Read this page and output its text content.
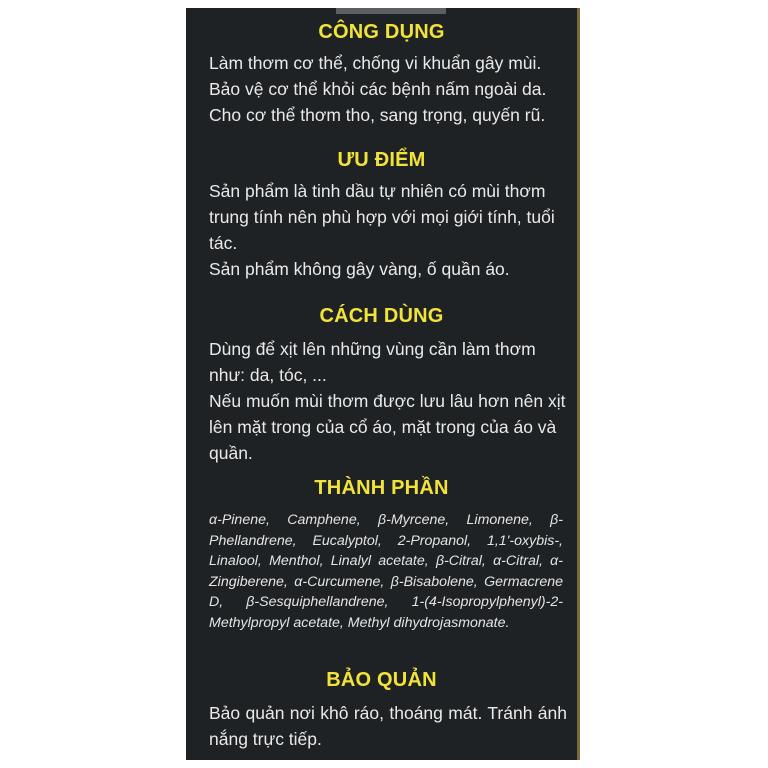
CÔNG DỤNG

Làm thơm cơ thể, chống vi khuẩn gây mùi.

Bảo vệ cơ thể khỏi các bệnh nấm ngoài da.

Cho cơ thể thơm tho, sang trọng, quyến rũ.

ƯU ĐIỂM

Sản phẩm là tinh dầu tự nhiên có mùi thơm trung tính nên phù hợp với mọi giới tính, tuổi tác.

Sản phẩm không gây vàng, ố quần áo.

CÁCH DÙNG

Dùng để xịt lên những vùng cần làm thơm như: da, tóc, ...

Nếu muốn mùi thơm được lưu lâu hơn nên xịt lên mặt trong của cổ áo, mặt trong của áo và quần.

THÀNH PHẦN

α-Pinene, Camphene, β-Myrcene, Limonene, β-Phellandrene, Eucalyptol, 2-Propanol, 1,1'-oxybis-, Linalool, Menthol, Linalyl acetate, β-Citral, α-Citral, α-Zingiberene, α-Curcumene, β-Bisabolene, Germacrene D, β-Sesquiphellandrene, 1-(4-Isopropylphenyl)-2-Methylpropyl acetate, Methyl dihydrojasmonate.

BẢO QUẢN

Bảo quản nơi khô ráo, thoáng mát. Tránh ánh nắng trực tiếp.
